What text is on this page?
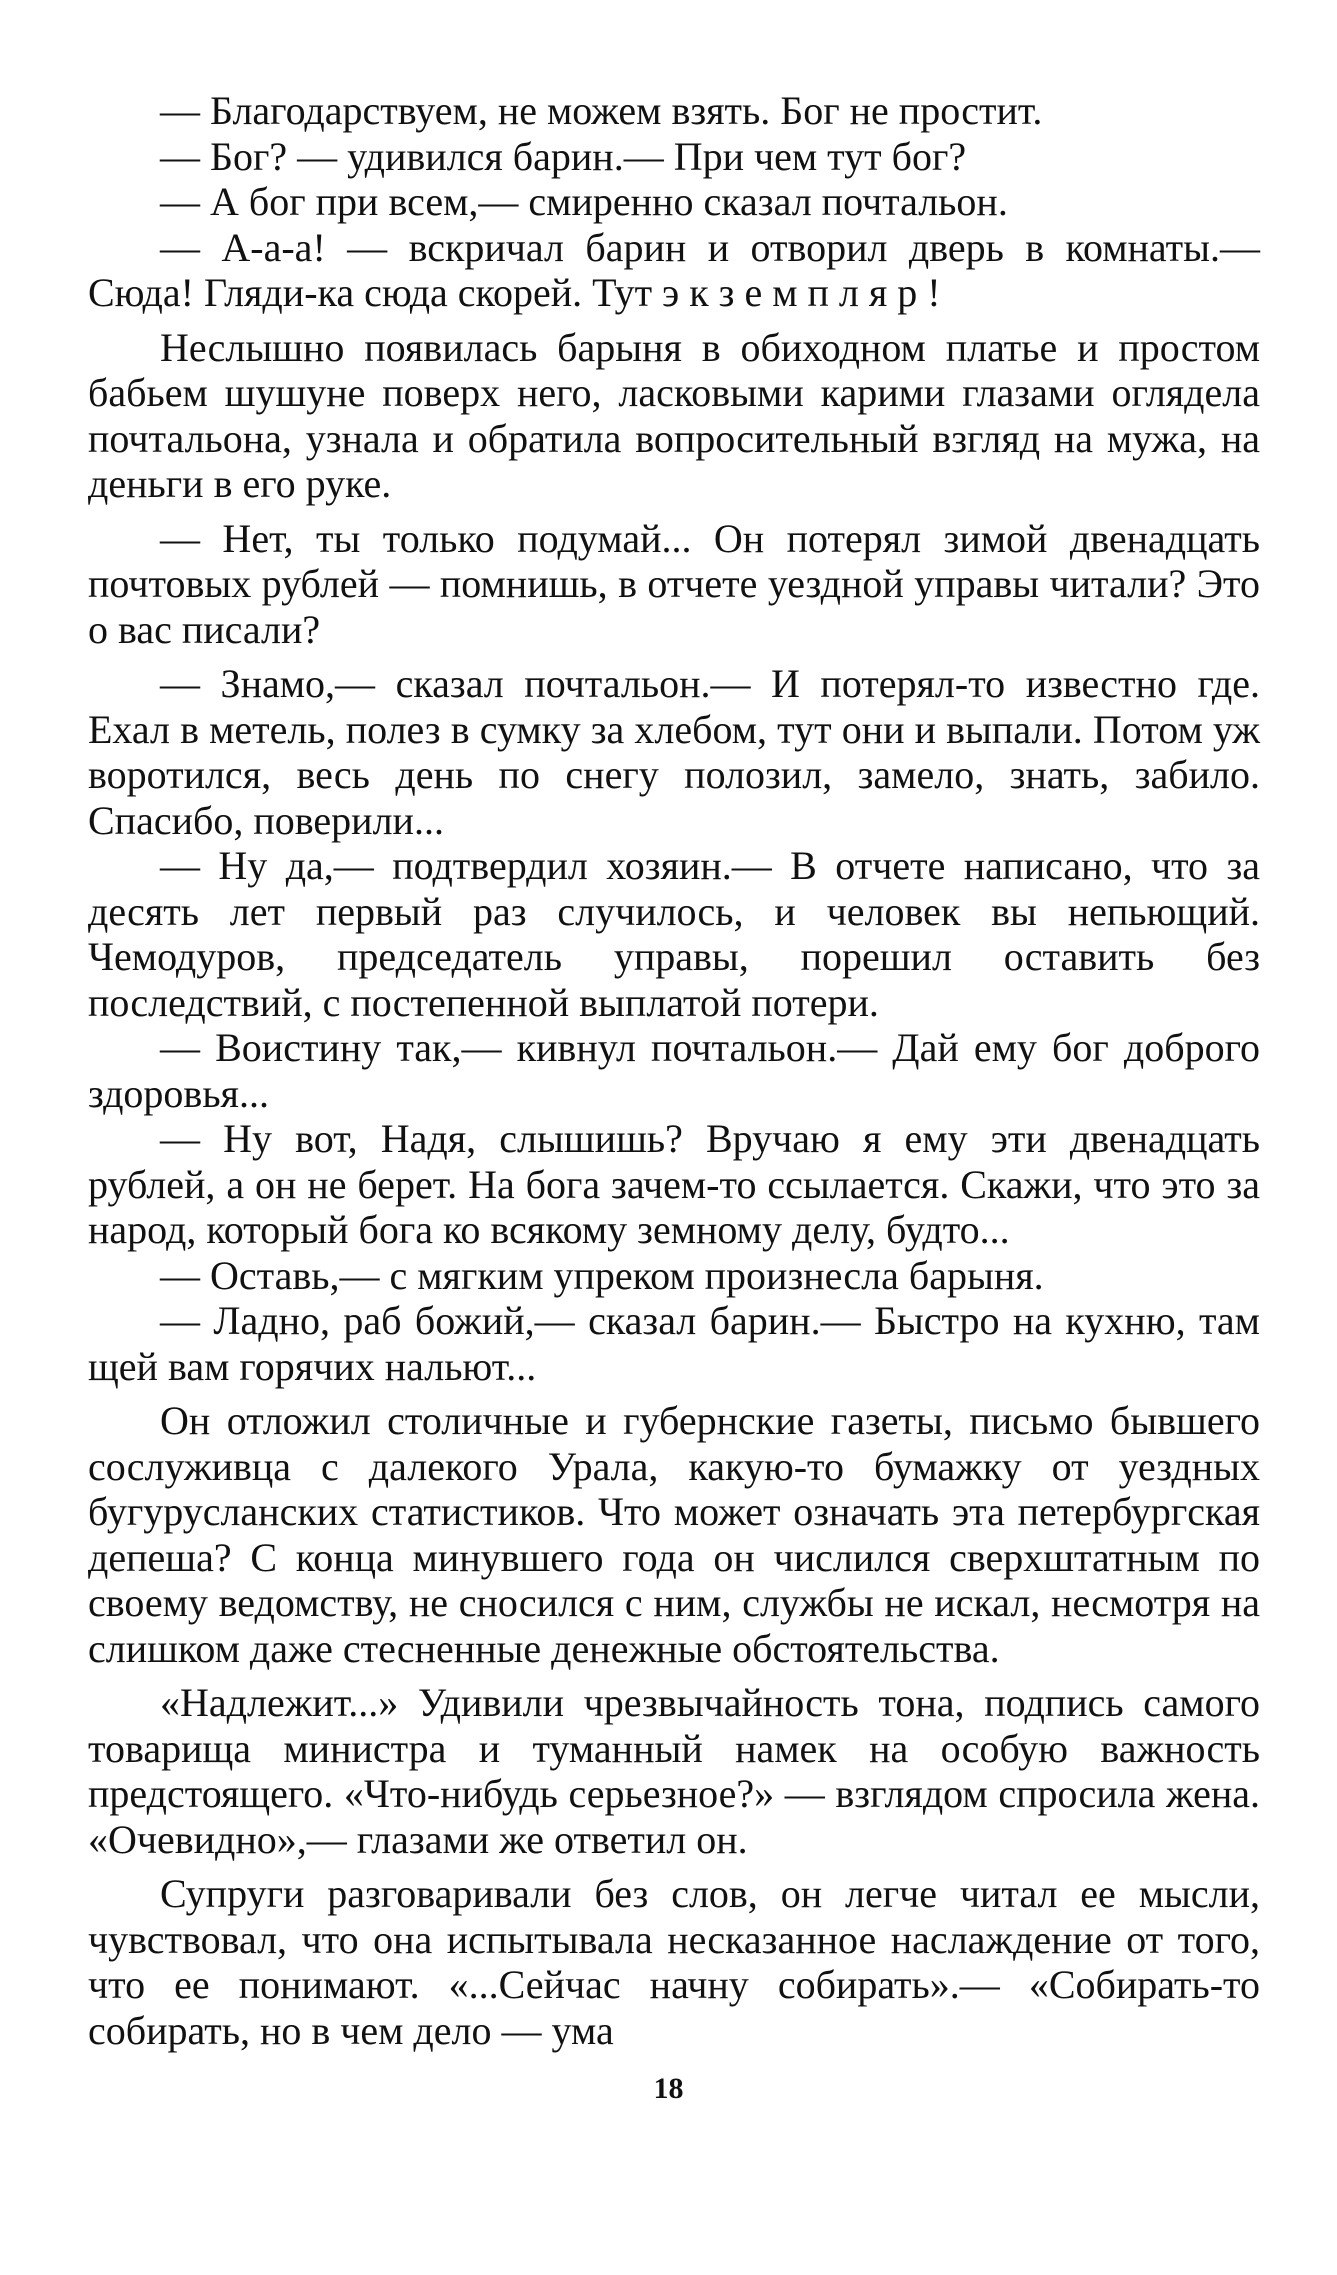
— Благодарствуем, не можем взять. Бог не простит.

— Бог? — удивился барин.— При чем тут бог?

— А бог при всем,— смиренно сказал почтальон.

— А-а-а! — вскричал барин и отворил дверь в комнаты.— Сюда! Гляди-ка сюда скорей. Тут э к з е м п л я р !

Неслышно появилась барыня в обиходном платье и простом бабьем шушуне поверх него, ласковыми карими глазами оглядела почтальона, узнала и обратила вопросительный взгляд на мужа, на деньги в его руке.

— Нет, ты только подумай... Он потерял зимой двенадцать почтовых рублей — помнишь, в отчете уездной управы читали? Это о вас писали?

— Знамо,— сказал почтальон.— И потерял-то известно где. Ехал в метель, полез в сумку за хлебом, тут они и выпали. Потом уж воротился, весь день по снегу полозил, замело, знать, забило. Спасибо, поверили...

— Ну да,— подтвердил хозяин.— В отчете написано, что за десять лет первый раз случилось, и человек вы непьющий. Чемодуров, председатель управы, порешил оставить без последствий, с постепенной выплатой потери.

— Воистину так,— кивнул почтальон.— Дай ему бог доброго здоровья...

— Ну вот, Надя, слышишь? Вручаю я ему эти двенадцать рублей, а он не берет. На бога зачем-то ссылается. Скажи, что это за народ, который бога ко всякому земному делу, будто...

— Оставь,— с мягким упреком произнесла барыня.

— Ладно, раб божий,— сказал барин.— Быстро на кухню, там щей вам горячих нальют...

Он отложил столичные и губернские газеты, письмо бывшего сослуживца с далекого Урала, какую-то бумажку от уездных бугурусланских статистиков. Что может означать эта петербургская депеша? С конца минувшего года он числился сверхштатным по своему ведомству, не сносился с ним, службы не искал, несмотря на слишком даже стесненные денежные обстоятельства.

«Надлежит...» Удивили чрезвычайность тона, подпись самого товарища министра и туманный намек на особую важность предстоящего. «Что-нибудь серьезное?» — взглядом спросила жена. «Очевидно»,— глазами же ответил он.

Супруги разговаривали без слов, он легче читал ее мысли, чувствовал, что она испытывала несказанное наслаждение от того, что ее понимают. «...Сейчас начну собирать».— «Собирать-то собирать, но в чем дело — ума

18
